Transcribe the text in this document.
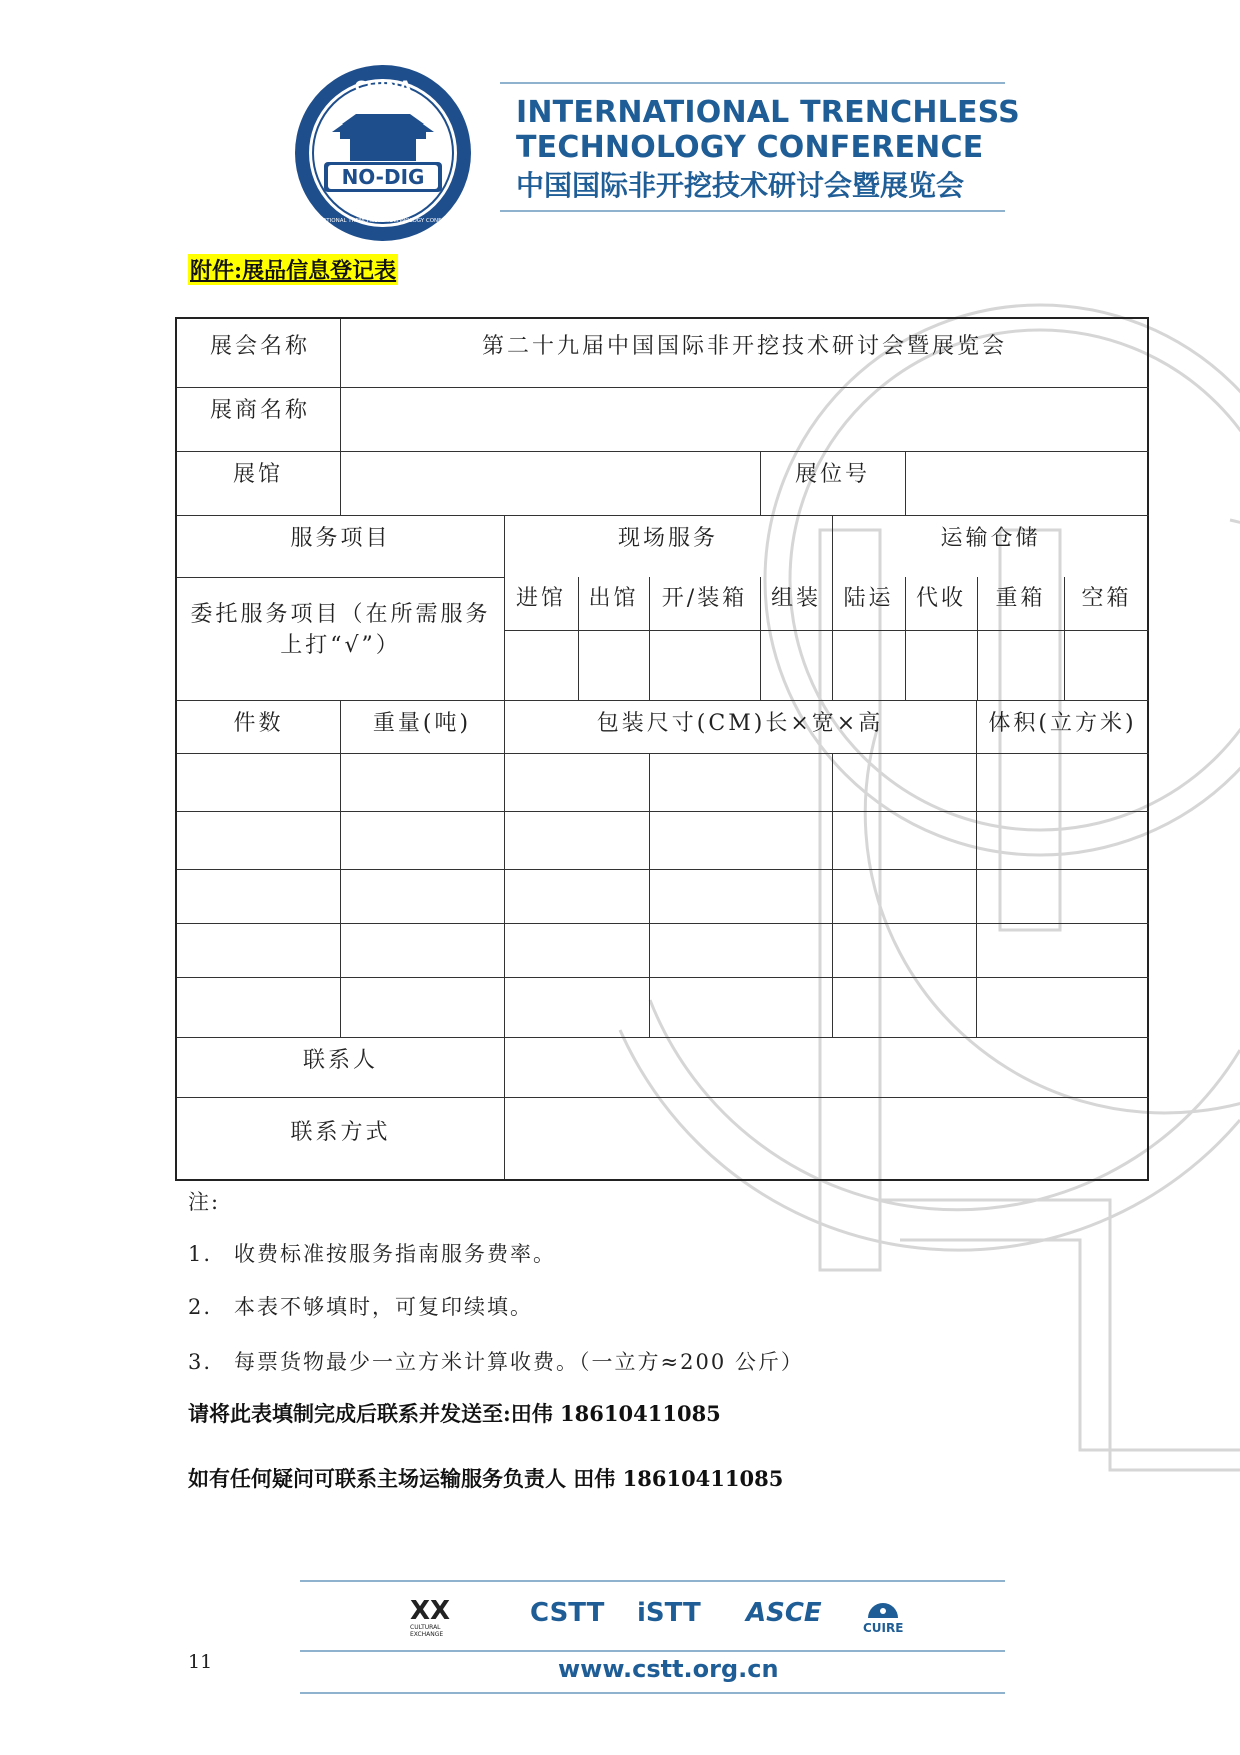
CHINA
NO-DIG
INTERNATIONAL TRENCHLESS TECHNOLOGY CONFERENCE
INTERNATIONAL TRENCHLESS
TECHNOLOGY CONFERENCE
中国国际非开挖技术研讨会暨展览会
附件:展品信息登记表
展会名称	第二十九届中国国际非开挖技术研讨会暨展览会
展商名称
展馆	展位号
服务项目	现场服务	运输仓储
委托服务项目（在所需服务
上打“√”）
进馆	出馆	开/装箱	组装	陆运	代收	重箱	空箱
件数	重量(吨)	包装尺寸(CM)长×宽×高	体积(立方米)
联系人
联系方式
注:
1. 收费标准按服务指南服务费率。
2. 本表不够填时，可复印续填。
3. 每票货物最少一立方米计算收费。（一立方≈200 公斤）
请将此表填制完成后联系并发送至:田伟 18610411085
如有任何疑问可联系主场运输服务负责人 田伟 18610411085
XX
CULTURAL EXCHANGE
CSTT iSTT ASCE	CUIRE
11	www.cstt.org.cn
